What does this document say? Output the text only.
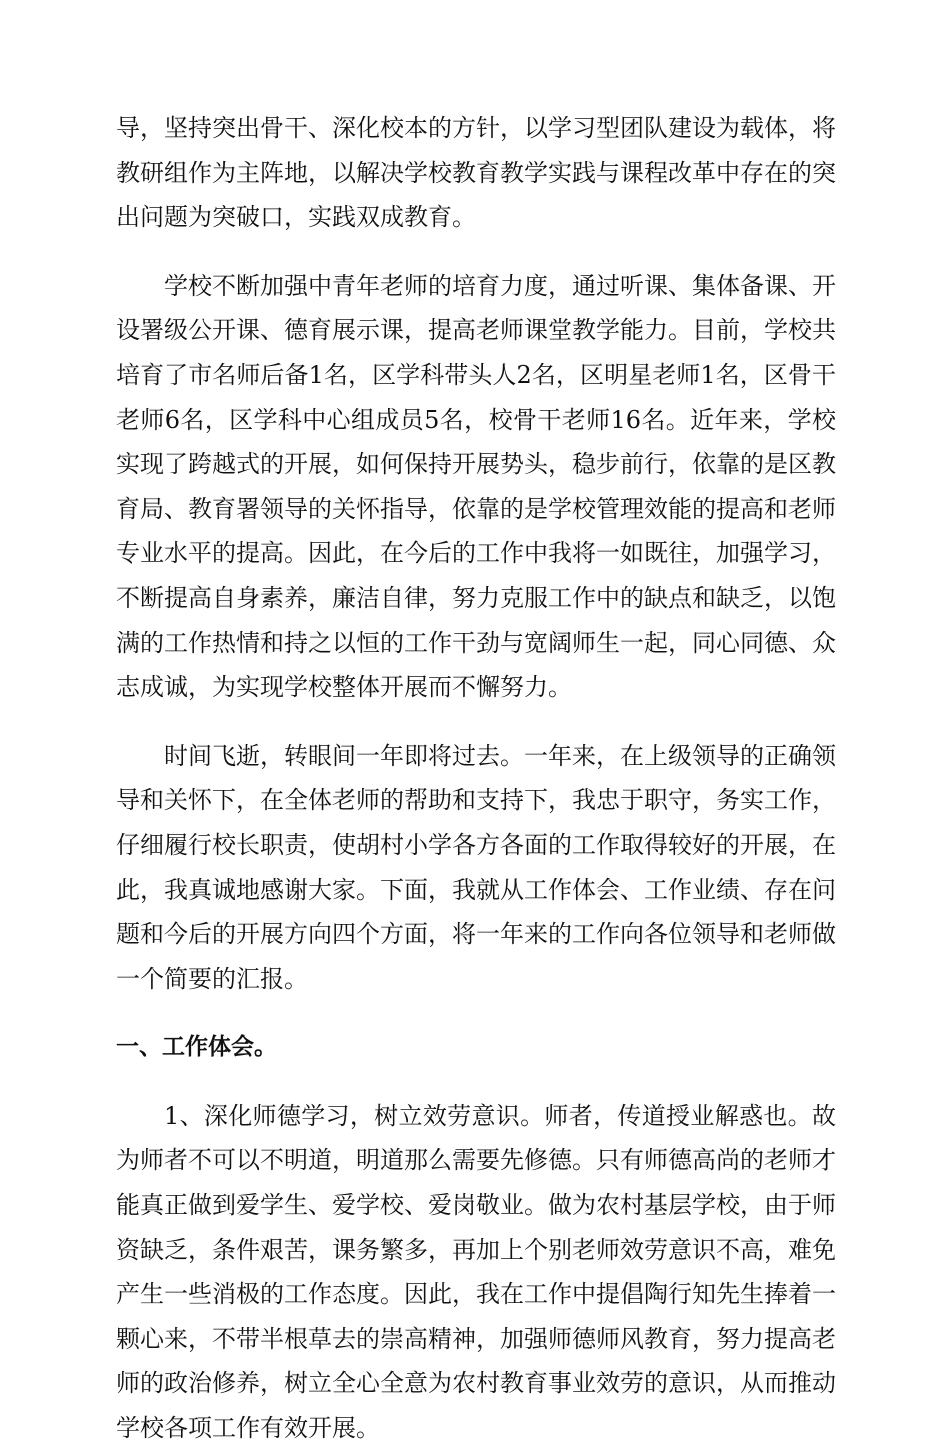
导，坚持突出骨干、深化校本的方针，以学习型团队建设为载体，将教研组作为主阵地，以解决学校教育教学实践与课程改革中存在的突出问题为突破口，实践双成教育。

学校不断加强中青年老师的培育力度，通过听课、集体备课、开设署级公开课、德育展示课，提高老师课堂教学能力。目前，学校共培育了市名师后备1名，区学科带头人2名，区明星老师1名，区骨干老师6名，区学科中心组成员5名，校骨干老师16名。近年来，学校实现了跨越式的开展，如何保持开展势头，稳步前行，依靠的是区教育局、教育署领导的关怀指导，依靠的是学校管理效能的提高和老师专业水平的提高。因此，在今后的工作中我将一如既往，加强学习，不断提高自身素养，廉洁自律，努力克服工作中的缺点和缺乏，以饱满的工作热情和持之以恒的工作干劲与宽阔师生一起，同心同德、众志成诚，为实现学校整体开展而不懈努力。

时间飞逝，转眼间一年即将过去。一年来，在上级领导的正确领导和关怀下，在全体老师的帮助和支持下，我忠于职守，务实工作，仔细履行校长职责，使胡村小学各方各面的工作取得较好的开展，在此，我真诚地感谢大家。下面，我就从工作体会、工作业绩、存在问题和今后的开展方向四个方面，将一年来的工作向各位领导和老师做一个简要的汇报。

一、工作体会。

1、深化师德学习，树立效劳意识。师者，传道授业解惑也。故为师者不可以不明道，明道那么需要先修德。只有师德高尚的老师才能真正做到爱学生、爱学校、爱岗敬业。做为农村基层学校，由于师资缺乏，条件艰苦，课务繁多，再加上个别老师效劳意识不高，难免产生一些消极的工作态度。因此，我在工作中提倡陶行知先生捧着一颗心来，不带半根草去的崇高精神，加强师德师风教育，努力提高老师的政治修养，树立全心全意为农村教育事业效劳的意识，从而推动学校各项工作有效开展。
